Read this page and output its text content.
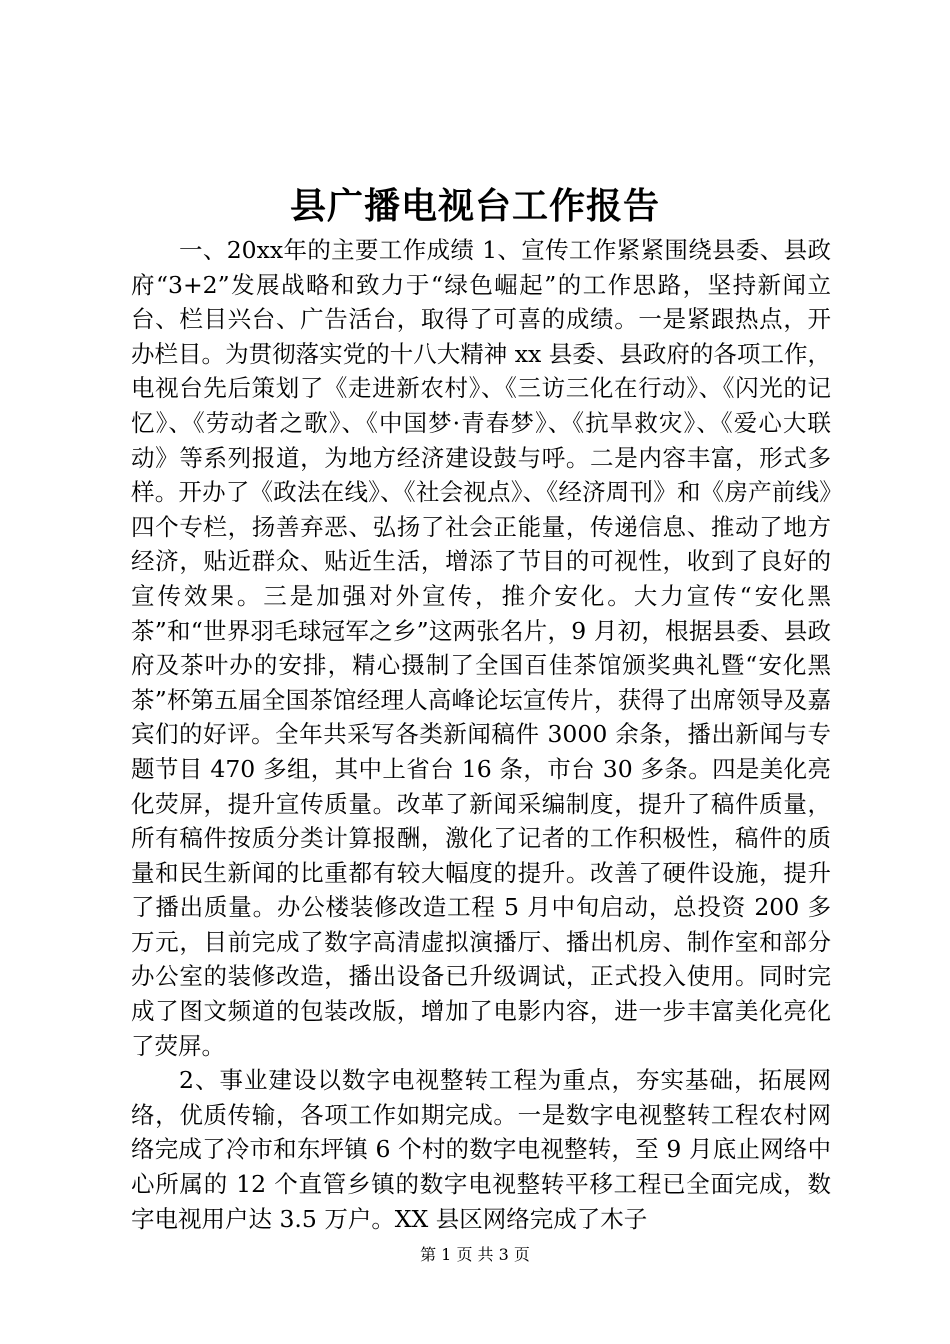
县广播电视台工作报告

一、20xx年的主要工作成绩 1、宣传工作紧紧围绕县委、县政府“3+2”发展战略和致力于“绿色崛起”的工作思路，坚持新闻立台、栏目兴台、广告活台，取得了可喜的成绩。一是紧跟热点，开办栏目。为贯彻落实党的十八大精神 xx 县委、县政府的各项工作，电视台先后策划了《走进新农村》、《三访三化在行动》、《闪光的记忆》、《劳动者之歌》、《中国梦·青春梦》、《抗旱救灾》、《爱心大联动》等系列报道，为地方经济建设鼓与呼。二是内容丰富，形式多样。开办了《政法在线》、《社会视点》、《经济周刊》和《房产前线》四个专栏，扬善弃恶、弘扬了社会正能量，传递信息、推动了地方经济，贴近群众、贴近生活，增添了节目的可视性，收到了良好的宣传效果。三是加强对外宣传，推介安化。大力宣传“安化黑茶”和“世界羽毛球冠军之乡”这两张名片，9 月初，根据县委、县政府及茶叶办的安排，精心摄制了全国百佳茶馆颁奖典礼暨“安化黑茶”杯第五届全国茶馆经理人高峰论坛宣传片，获得了出席领导及嘉宾们的好评。全年共采写各类新闻稿件 3000 余条，播出新闻与专题节目 470 多组，其中上省台 16 条，市台 30 多条。四是美化亮化荧屏，提升宣传质量。改革了新闻采编制度，提升了稿件质量，所有稿件按质分类计算报酬，激化了记者的工作积极性，稿件的质量和民生新闻的比重都有较大幅度的提升。改善了硬件设施，提升了播出质量。办公楼装修改造工程 5 月中旬启动，总投资 200 多万元，目前完成了数字高清虚拟演播厅、播出机房、制作室和部分办公室的装修改造，播出设备已升级调试，正式投入使用。同时完成了图文频道的包装改版，增加了电影内容，进一步丰富美化亮化了荧屏。

2、事业建设以数字电视整转工程为重点，夯实基础，拓展网络，优质传输，各项工作如期完成。一是数字电视整转工程农村网络完成了冷市和东坪镇 6 个村的数字电视整转，至 9 月底止网络中心所属的 12 个直管乡镇的数字电视整转平移工程已全面完成，数字电视用户达 3.5 万户。XX 县区网络完成了木子

第 1 页 共 3 页
